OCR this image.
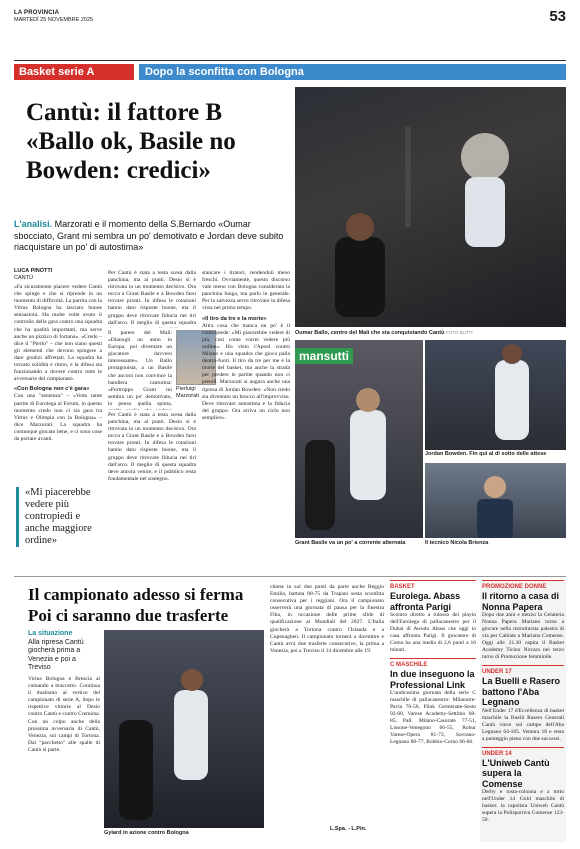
LA PROVINCIA
MARTEDÌ 25 NOVEMBRE 2025	53
Basket serie A	Dopo la sconfitta con Bologna
Cantù: il fattore B
«Ballo ok, Basile no
Bowden: credici»
L'analisi. Marzorati e il momento della S.Bernardo «Oumar sbocciato, Grant mi sembra un po' demotivato e Jordan deve subito riacquistare un po' di autostima»
LUCA PINOTTI
CANTÙ
«Fa sicuramente piacere vedere Cantù che spinge e che si riprende in un momento di difficoltà. La partita con la Virtus Bologna ha lasciato buone sensazioni. Ha molte volte avuto il controllo della gara contro una squadra che ha qualità importanti, ma serve anche un pizzico di fortuna». «Credo – dice il "Pierlo" – che non siano questi gli elementi che devono spingere a dare giudizi affrettati. La squadra ha trovato solidità e ritmo, e la difesa sta funzionando a dovere contro tutte le avversarie del campionato.
«Con Bologna non c'è gara»
Con una "sentenza" – «Vedo tante partite di Eurolega al Forum, in questo momento credo non ci sia gara tra Virtus e Olimpia con la Bologna» – dice Marzorati. La squadra ha comunque giocato bene, e ci sono cose da portare avanti.
«Mi piacerebbe vedere più contropiedi e anche maggiore ordine»
Per Cantù è stata a testa scesa dalla panchina, ma ai punti. Desio si è ritrovata in un momento decisivo. Ora tocca a Grant Basile e a Bowden farsi trovare pronti. In difesa le rotazioni hanno dato risposte buone, ma il gruppo deve ritrovare fiducia nei tiri dall'arco. Il meglio di questa squadra
Il parere del Mali: «Dianogli un anno in Europa, poi diventare un giocatore davvero interessante». Un Ballo protagonista, a un Basile che ancora non convince la bandiera canturina: «Purtroppo Grant mi sembra un po' demotivato, lo penso quella spinta,
Pierluigi Marzorati
Per Cantù è stata a testa scesa dalla panchina, ma ai punti. Desio si è ritrovata in un momento decisivo. Ora tocca a Grant Basile e a Bowden farsi trovare pronti. In difesa le rotazioni hanno dato risposte buone, ma il gruppo deve ritrovare fiducia nei tiri dall'arco. Il meglio di questa squadra deve ancora venire, e il pubblico resta fondamentale nel sostegno.
stancare i tiratori, rendendoli meno freschi. Ovviamente, questo discorso vale meno con Bologna considerata la panchina lunga, ma parlo in generale. Per la salvezza serve ritrovare la difesa vista nel primo tempo.
«Il tiro da tre e la morte»
Altra cosa che manca un po' è il contropiede: «Mi piacerebbe vedere di più, così come vorrei vedere più ordine». Ho visto l'Apoel contro Milano e una squadra che gioca palla dentro-fuori. Il tiro da tre per me è la morte del basket, ma anche la strada per perdere le partite quando non ci prendi. Marzorati si augura anche una ripresa di Jordan Bowden: «Non credo sia diventato un brocco all'improvviso. Deve ritrovare autostima e la fiducia del gruppo. Ora arriva un ciclo non semplice».
Oumar Ballo, centro del Mali che sta conquistando Cantù FOTO BUTTI
mansutti
Jordan Bowden. Fin qui al di sotto delle attese
Grant Basile va un po' a corrente alternata	Il tecnico Nicola Brienza
Il campionato adesso si ferma
Poi ci saranno due trasferte
La situazione
Alla ripresa Cantù giocherà prima a Venezia e poi a Treviso
Virtus Bologna e Brescia al comando a braccetto. Continua il dualismo al vertice del campionato di serie A, dopo le rispettive vittorie al Desio contro Cantù e contro Cremona. Con un colpo anche della prossima avversaria di Cantù, Venezia, sui campi di Tortona. Dal "pacchetto" alle spalle di Cantù si parte.
Gyiard in azione contro Bologna
chiese in sul due punti da parte anche Reggio Emilia, battuta 88-75 da Trapani sesta sconfitta consecutiva per i reggiani. Ora il campionato osserverà una giornata di pausa per la finestra Fiba, in occasione delle prime sfide di qualificazione ai Mondiali del 2027. L'Italia giocherà a Tortona contro l'Islanda e a Copenaghen. Il campionato tornerà a dicembre e Cantù avrà due trasferte consecutive, la prima a Venezia, poi a Treviso il 14 dicembre alle 19.
L.Spa. - L.Pin.
BASKET
Eurolega. Abass affronta Parigi
Scontro diretto a ridosso dei playin dell'Eurolega di pallacanestro per il Dubai di Awudu Abass che oggi in casa affronta Parigi. Il giocatore di Como ha una media di 2,6 punti a 16 minuti.
C MASCHILE
In due inseguono la Professional Link
L'undicesima giornata della serie C maschile di pallacanestro: Milanotre-Pavia 70-56, Flink Cermenate-Sesto 92-68, Varese Academy-Settimo 68-85, Pall. Milano-Casorate 77-51, Lissone-Venegono 66-55, Robur Varese-Opera 81-73, Sovrano-Legnano 80-77, Robbio-Corno 66-66.
PROMOZIONE DONNE
Il ritorno a casa di Nonna Papera
Dopo due anni e mezzo la Gelateria Nonna Papera Mariano torna a giocare nella ristrutturata palestra di via per Cabiate a Mariano Comense. Oggi alle 21.30 ospita il Basket Academy Ticino Novara nel terzo turno di Promozione femminile.
UNDER 17
La Buelli e Rasero battono l'Aba Legnano
Nell'Under 17 d'Eccellenza di basket maschile la Buelli Rasero Generali Cantù vince sul campo dell'Aba Legnano 64-105. Ventura 18 e resta a punteggio pieno con due successi.
UNDER 14
L'Uniweb Cantù supera la Comense
Derby e tosta-colonna e a torto nell'Under 14 Gold maschile di basket: la capolista Uniweb Cantù supera la Polisportiva Comense 123-50.
